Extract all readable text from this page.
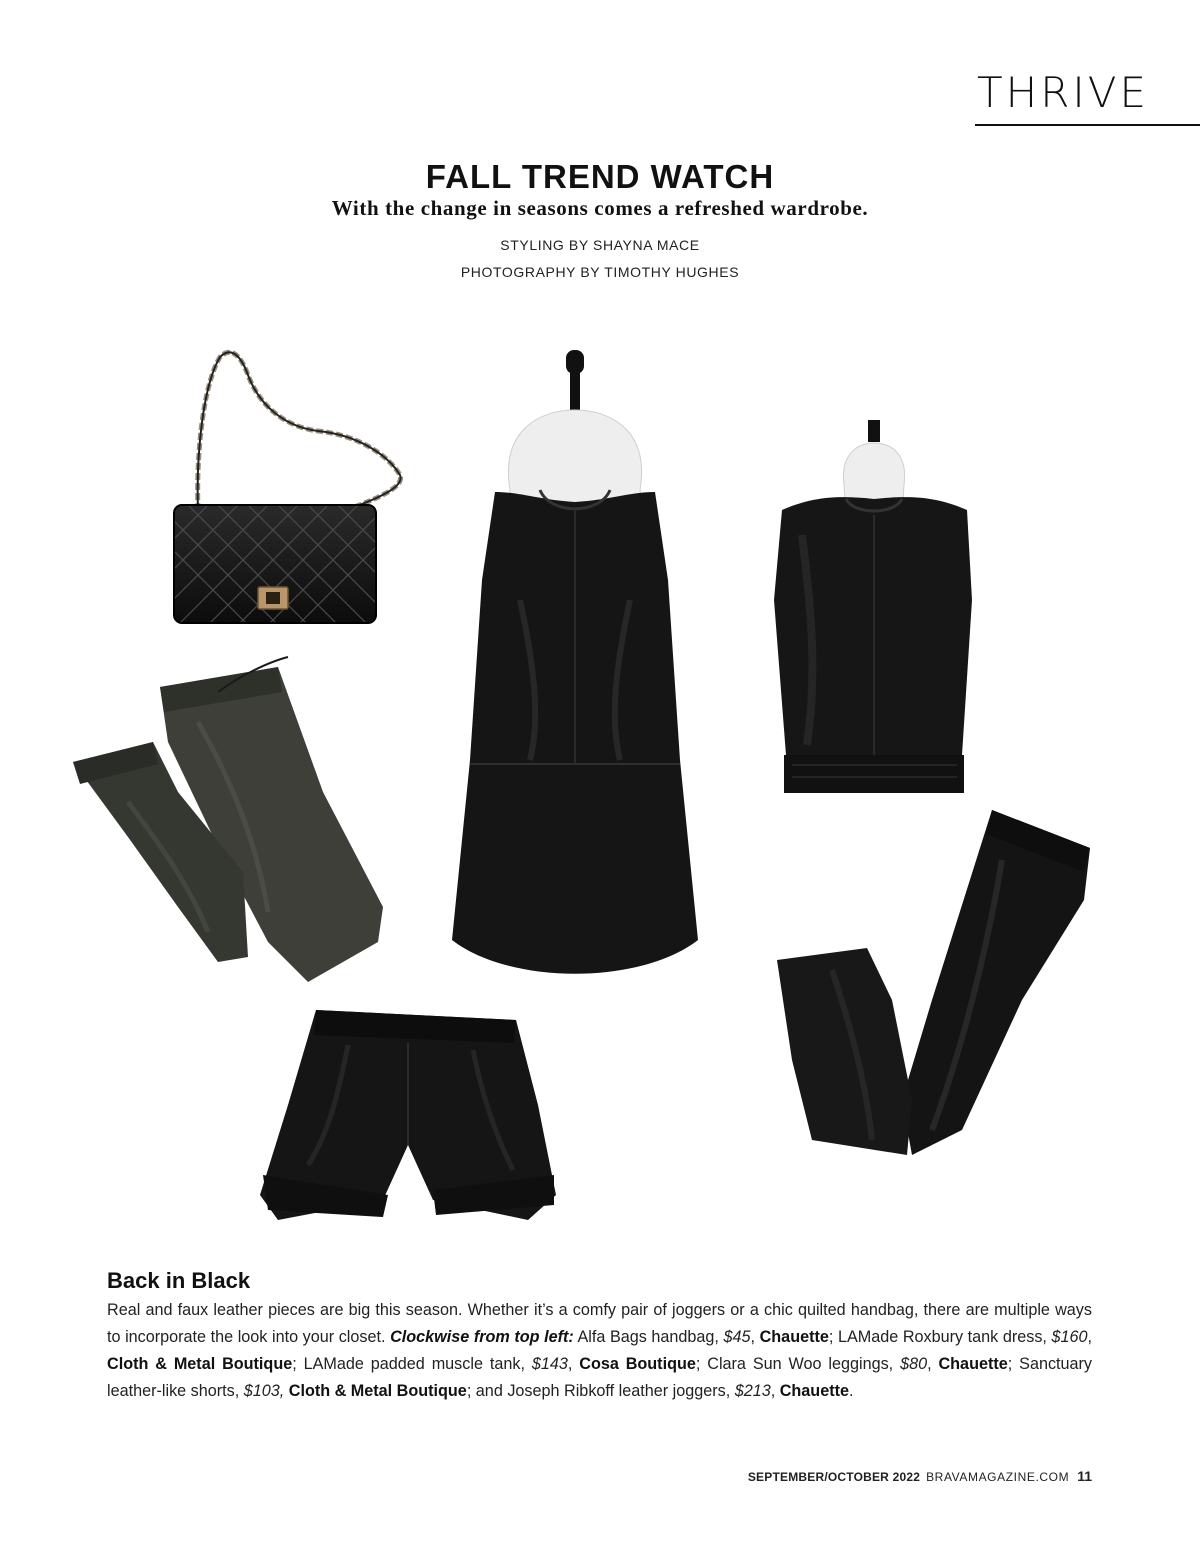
THRIVE
FALL TREND WATCH
With the change in seasons comes a refreshed wardrobe.
STYLING BY SHAYNA MACE
PHOTOGRAPHY BY TIMOTHY HUGHES
Back in Black
Real and faux leather pieces are big this season. Whether it’s a comfy pair of joggers or a chic quilted handbag, there are multiple ways to incorporate the look into your closet. Clockwise from top left: Alfa Bags handbag, $45, Chauette; LAMade Roxbury tank dress, $160, Cloth & Metal Boutique; LAMade padded muscle tank, $143, Cosa Boutique; Clara Sun Woo leggings, $80, Chauette; Sanctuary leather-like shorts, $103, Cloth & Metal Boutique; and Joseph Ribkoff leather joggers, $213, Chauette.
SEPTEMBER/OCTOBER 2022 BRAVAMAGAZINE.COM 11
